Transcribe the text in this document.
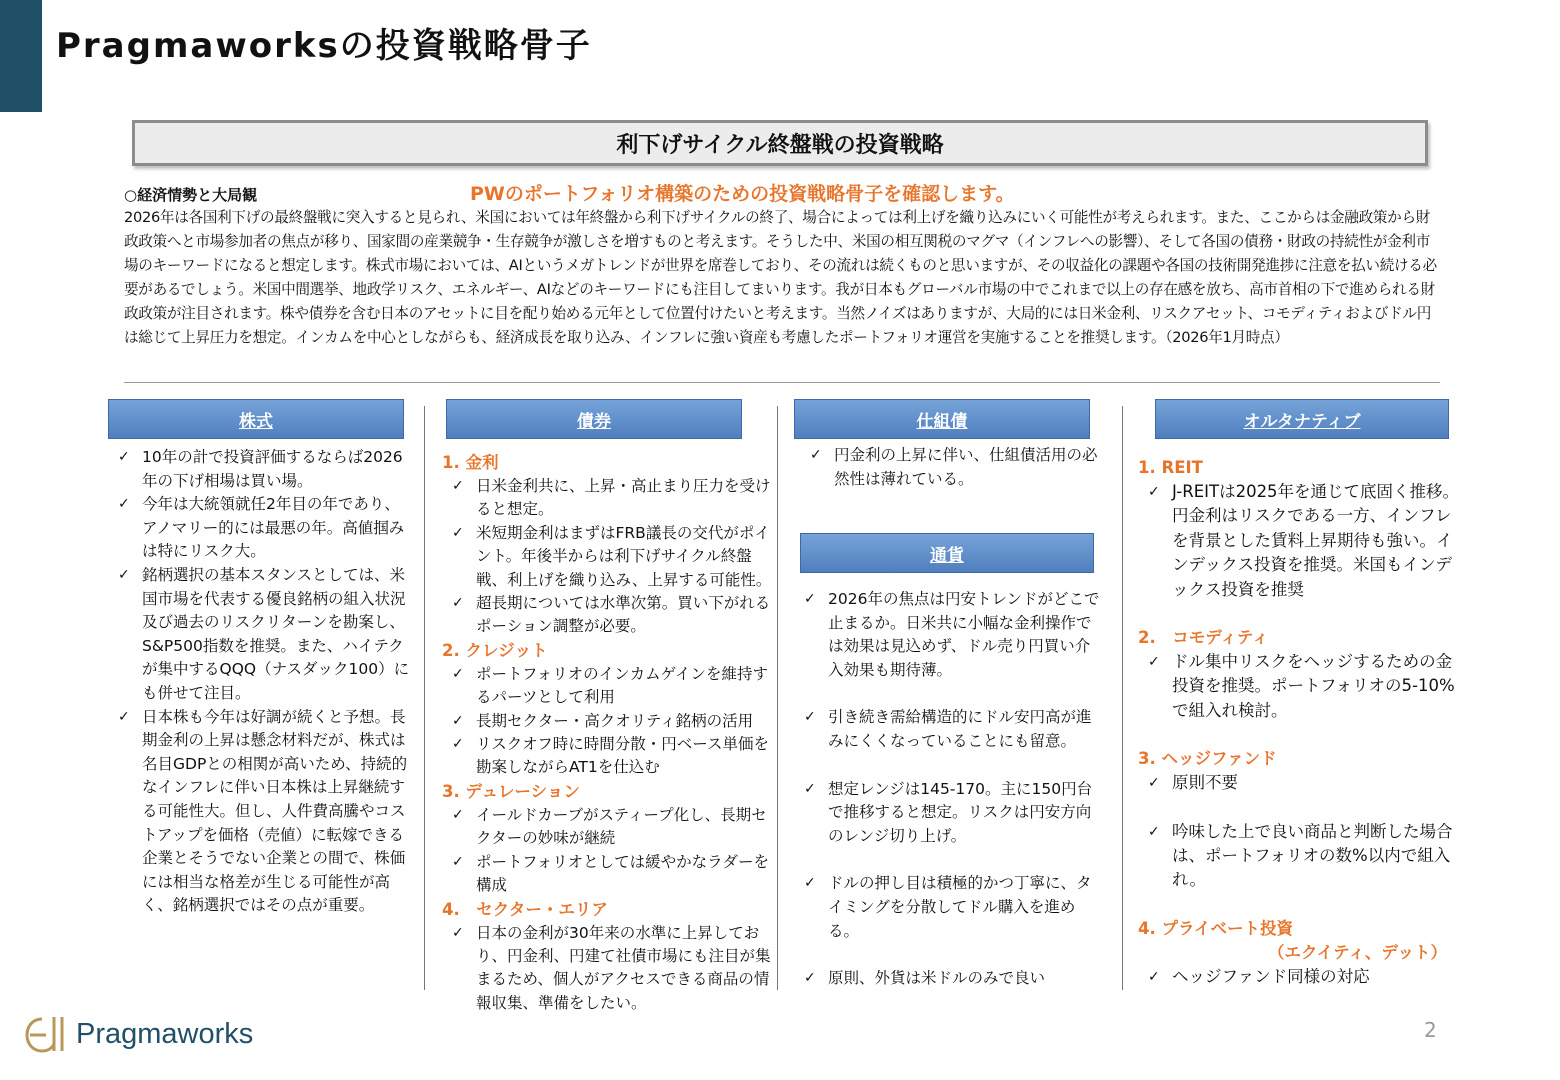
Pragmaworksの投資戦略骨子
利下げサイクル終盤戦の投資戦略
○経済情勢と大局観	PWのポートフォリオ構築のための投資戦略骨子を確認します。
2026年は各国利下げの最終盤戦に突入すると見られ、米国においては年終盤から利下げサイクルの終了、場合によっては利上げを織り込みにいく可能性が考えられます。また、ここからは金融政策から財政政策へと市場参加者の焦点が移り、国家間の産業競争・生存競争が激しさを増すものと考えます。そうした中、米国の相互関税のマグマ（インフレへの影響）、そして各国の債務・財政の持続性が金利市場のキーワードになると想定します。株式市場においては、AIというメガトレンドが世界を席巻しており、その流れは続くものと思いますが、その収益化の課題や各国の技術開発進捗に注意を払い続ける必要があるでしょう。米国中間選挙、地政学リスク、エネルギー、AIなどのキーワードにも注目してまいります。我が日本もグローバル市場の中でこれまで以上の存在感を放ち、高市首相の下で進められる財政政策が注目されます。株や債券を含む日本のアセットに目を配り始める元年として位置付けたいと考えます。当然ノイズはありますが、大局的には日米金利、リスクアセット、コモディティおよびドル円は総じて上昇圧力を想定。インカムを中心としながらも、経済成長を取り込み、インフレに強い資産も考慮したポートフォリオ運営を実施することを推奨します。（2026年1月時点）
株式	債券	仕組債
通貨
オルタナティブ
✓ 10年の計で投資評価するならば2026年の下げ相場は買い場。
✓ 今年は大統領就任2年目の年であり、アノマリー的には最悪の年。高値掴みは特にリスク大。
✓ 銘柄選択の基本スタンスとしては、米国市場を代表する優良銘柄の組入状況及び過去のリスクリターンを勘案し、S&P500指数を推奨。また、ハイテクが集中するQQQ（ナスダック100）にも併せて注目。
✓ 日本株も今年は好調が続くと予想。長期金利の上昇は懸念材料だが、株式は名目GDPとの相関が高いため、持続的なインフレに伴い日本株は上昇継続する可能性大。但し、人件費高騰やコストアップを価格（売値）に転嫁できる企業とそうでない企業との間で、株価には相当な格差が生じる可能性が高く、銘柄選択ではその点が重要。
1. 金利
✓ 日米金利共に、上昇・高止まり圧力を受けると想定。
✓ 米短期金利はまずはFRB議長の交代がポイント。年後半からは利下げサイクル終盤戦、利上げを織り込み、上昇する可能性。
✓ 超長期については水準次第。買い下がれるポーション調整が必要。
2. クレジット
✓ ポートフォリオのインカムゲインを維持するパーツとして利用
✓ 長期セクター・高クオリティ銘柄の活用
✓ リスクオフ時に時間分散・円ベース単価を勘案しながらAT1を仕込む
3. デュレーション
✓ イールドカーブがスティープ化し、長期セクターの妙味が継続
✓ ポートフォリオとしては緩やかなラダーを構成
4.　セクター・エリア
✓ 日本の金利が30年来の水準に上昇しており、円金利、円建て社債市場にも注目が集まるため、個人がアクセスできる商品の情報収集、準備をしたい。
✓ 円金利の上昇に伴い、仕組債活用の必然性は薄れている。
✓ 2026年の焦点は円安トレンドがどこで止まるか。日米共に小幅な金利操作では効果は見込めず、ドル売り円買い介入効果も期待薄。
✓ 引き続き需給構造的にドル安円高が進みにくくなっていることにも留意。
✓ 想定レンジは145-170。主に150円台で推移すると想定。リスクは円安方向のレンジ切り上げ。
✓ ドルの押し目は積極的かつ丁寧に、タイミングを分散してドル購入を進める。
✓ 原則、外貨は米ドルのみで良い
1. REIT
✓ J-REITは2025年を通じて底固く推移。円金利はリスクである一方、インフレを背景とした賃料上昇期待も強い。インデックス投資を推奨。米国もインデックス投資を推奨
2.　コモディティ
✓ ドル集中リスクをヘッジするための金投資を推奨。ポートフォリオの5-10%で組入れ検討。
3. ヘッジファンド
✓ 原則不要
✓ 吟味した上で良い商品と判断した場合は、ポートフォリオの数%以内で組入れ。
4. プライベート投資
（エクイティ、デット）
✓ ヘッジファンド同様の対応
Pragmaworks	2
